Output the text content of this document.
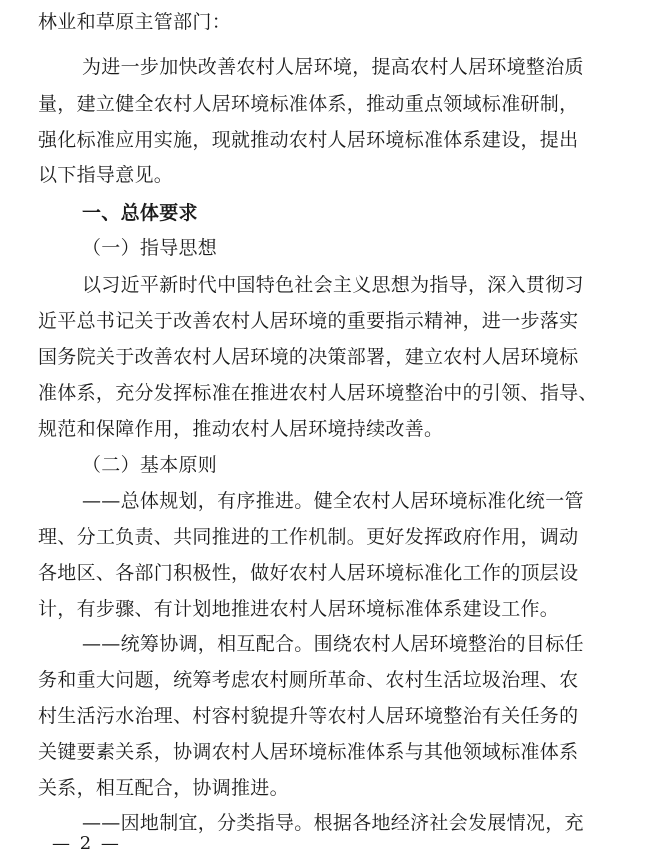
林业和草原主管部门：
为进一步加快改善农村人居环境，提高农村人居环境整治质
量，建立健全农村人居环境标准体系，推动重点领域标准研制，
强化标准应用实施，现就推动农村人居环境标准体系建设，提出
以下指导意见。
一、总体要求
（一）指导思想
以习近平新时代中国特色社会主义思想为指导，深入贯彻习
近平总书记关于改善农村人居环境的重要指示精神，进一步落实
国务院关于改善农村人居环境的决策部署，建立农村人居环境标
准体系，充分发挥标准在推进农村人居环境整治中的引领、指导、
规范和保障作用，推动农村人居环境持续改善。
（二）基本原则
——总体规划，有序推进。健全农村人居环境标准化统一管
理、分工负责、共同推进的工作机制。更好发挥政府作用，调动
各地区、各部门积极性，做好农村人居环境标准化工作的顶层设
计，有步骤、有计划地推进农村人居环境标准体系建设工作。
——统筹协调，相互配合。围绕农村人居环境整治的目标任
务和重大问题，统筹考虑农村厕所革命、农村生活垃圾治理、农
村生活污水治理、村容村貌提升等农村人居环境整治有关任务的
关键要素关系，协调农村人居环境标准体系与其他领域标准体系
关系，相互配合，协调推进。
——因地制宜，分类指导。根据各地经济社会发展情况，充
— 2 —
